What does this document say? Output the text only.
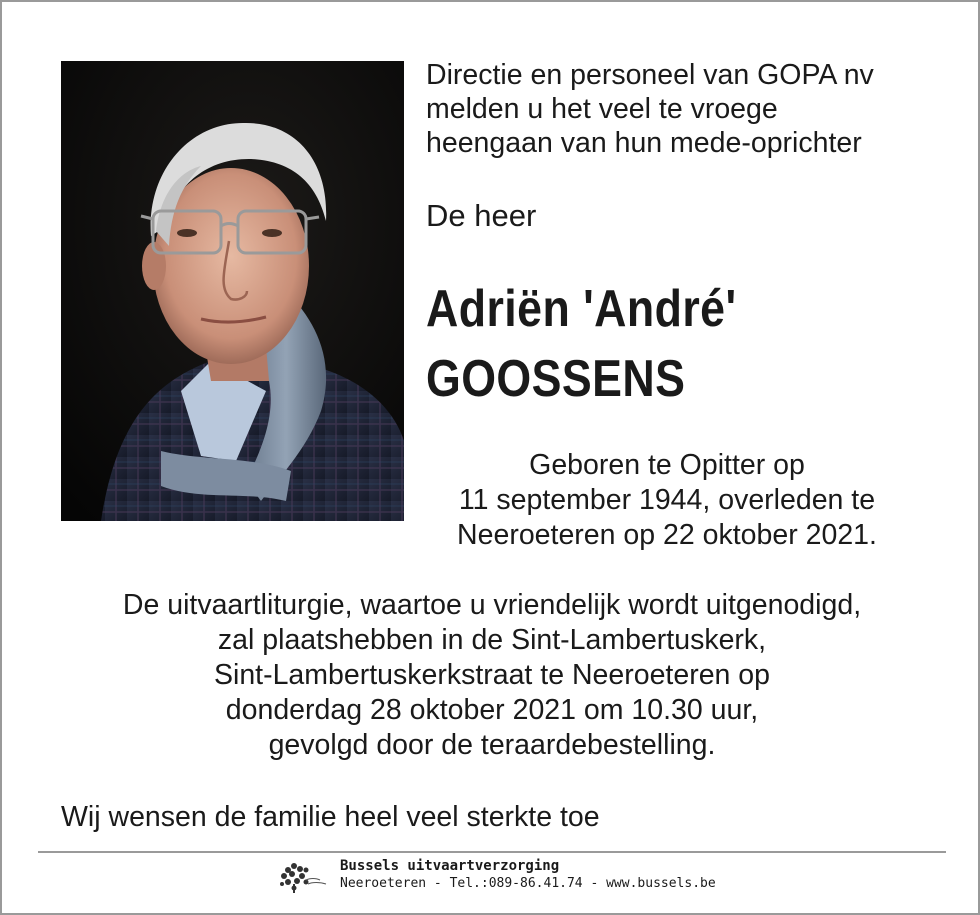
Directie en personeel van GOPA nv
melden u het veel te vroege
heengaan van hun mede-oprichter
De heer
Adriën 'André'
GOOSSENS
Geboren te Opitter op
11 september 1944, overleden te
Neeroeteren op 22 oktober 2021.
De uitvaartliturgie, waartoe u vriendelijk wordt uitgenodigd,
zal plaatshebben in de Sint-Lambertuskerk,
Sint-Lambertuskerkstraat te Neeroeteren op
donderdag 28 oktober 2021 om 10.30 uur,
gevolgd door de teraardebestelling.
Wij wensen de familie heel veel sterkte toe
Bussels uitvaartverzorging
Neeroeteren - Tel.:089-86.41.74 - www.bussels.be
